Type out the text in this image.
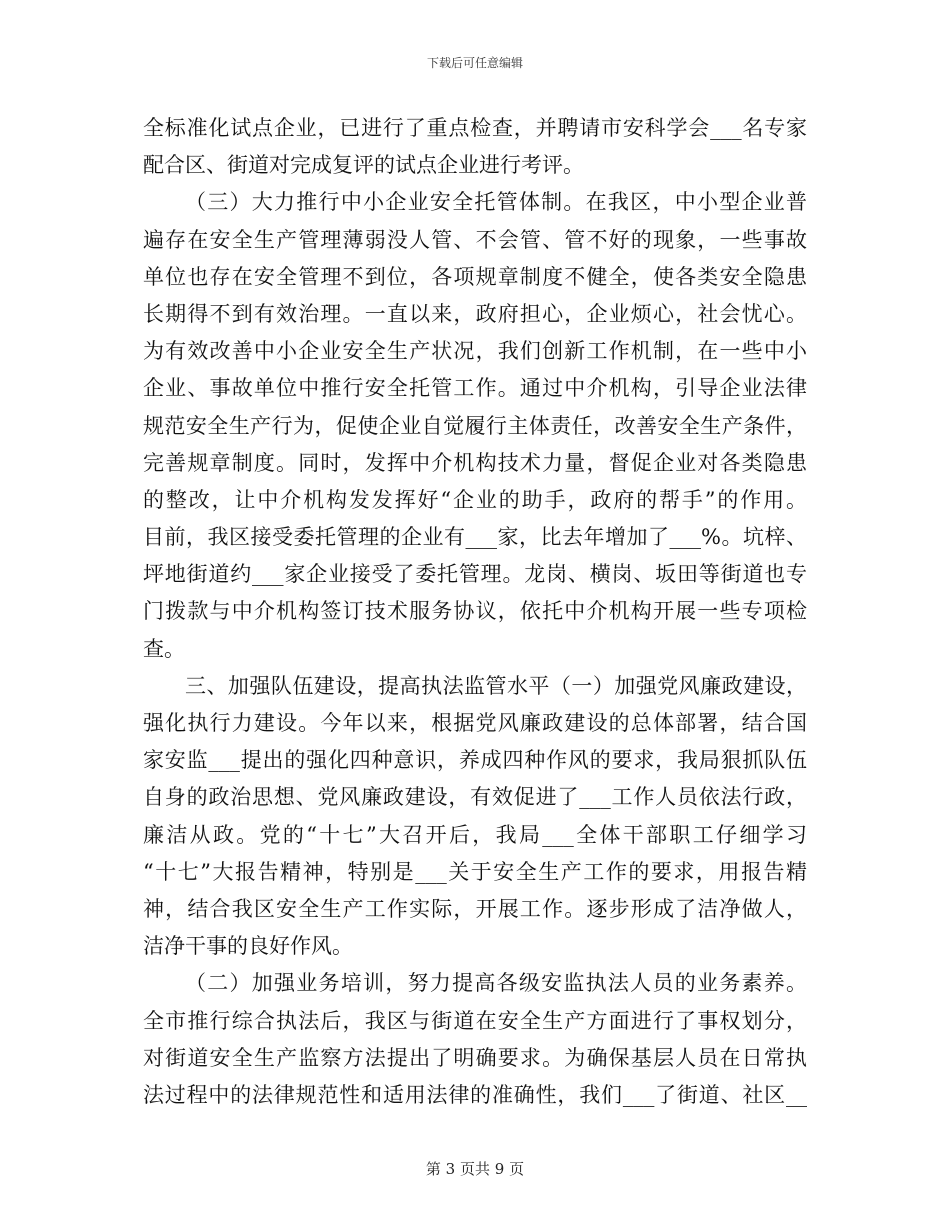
下载后可任意编辑
全标准化试点企业，已进行了重点检查，并聘请市安科学会___名专家
配合区、街道对完成复评的试点企业进行考评。
（三）大力推行中小企业安全托管体制。在我区，中小型企业普
遍存在安全生产管理薄弱没人管、不会管、管不好的现象，一些事故
单位也存在安全管理不到位，各项规章制度不健全，使各类安全隐患
长期得不到有效治理。一直以来，政府担心，企业烦心，社会忧心。
为有效改善中小企业安全生产状况，我们创新工作机制，在一些中小
企业、事故单位中推行安全托管工作。通过中介机构，引导企业法律
规范安全生产行为，促使企业自觉履行主体责任，改善安全生产条件，
完善规章制度。同时，发挥中介机构技术力量，督促企业对各类隐患
的整改，让中介机构发发挥好“企业的助手，政府的帮手”的作用。
目前，我区接受委托管理的企业有___家，比去年增加了___%。坑梓、
坪地街道约___家企业接受了委托管理。龙岗、横岗、坂田等街道也专
门拨款与中介机构签订技术服务协议，依托中介机构开展一些专项检
查。
三、加强队伍建设，提高执法监管水平（一）加强党风廉政建设，
强化执行力建设。今年以来，根据党风廉政建设的总体部署，结合国
家安监___提出的强化四种意识，养成四种作风的要求，我局狠抓队伍
自身的政治思想、党风廉政建设，有效促进了___工作人员依法行政，
廉洁从政。党的“十七”大召开后，我局___全体干部职工仔细学习
“十七”大报告精神，特别是___关于安全生产工作的要求，用报告精
神，结合我区安全生产工作实际，开展工作。逐步形成了洁净做人，
洁净干事的良好作风。
（二）加强业务培训，努力提高各级安监执法人员的业务素养。
全市推行综合执法后，我区与街道在安全生产方面进行了事权划分，
对街道安全生产监察方法提出了明确要求。为确保基层人员在日常执
法过程中的法律规范性和适用法律的准确性，我们___了街道、社区__
第 3 页共 9 页
